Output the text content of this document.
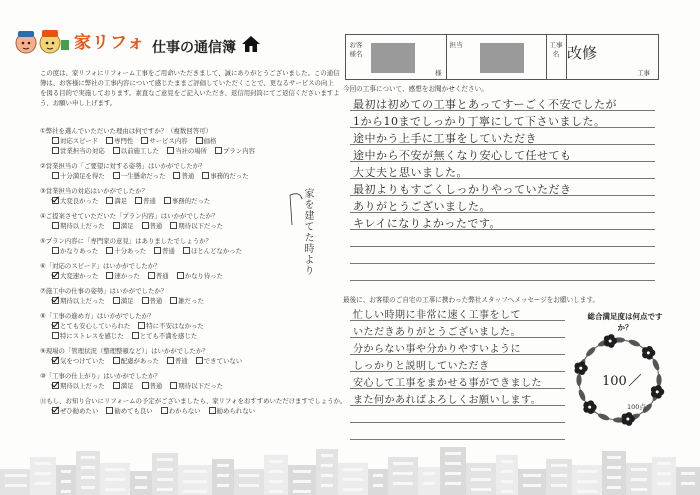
家リフォ 仕事の通信簿
この度は、家リフォにリフォーム工事をご用命いただきまして、誠にありがとうございました。この通信簿は、お客様に弊社の工事内容について感じたままご評価していただくことで、更なるサービスの向上を図る目的で実施しております。素直なご意見をご記入いただき、返信用封筒にてご返信くださいますよう、お願い申し上げます。
①弊社を選んでいただいた理由は何ですか？（複数回答可）
対応スピード	専門性	サービス内容	価格
営業担当の対応	以前施工した	当社の場所	プラン内容
②営業担当の「ご要望に対する姿勢」はいかがでしたか？
十分満足を得た	一生懸命だった	普通	事務的だった
③営業担当の対応はいかがでしたか？
大変良かった	満足	普通	事務的だった
④ご提案させていただいた「プラン内容」はいかがでしたか？
期待以上だった	満足	普通	期待以下だった
⑤プラン内容に「専門家の意見」はありましたでしょうか？
かなりあった	十分あった	普通	ほとんどなかった
⑥「対応のスピード」はいかがでしたか？
大変速かった	速かった	普通	かなり待った
⑦施工中の仕事の姿勢」はいかがでしたか？
期待以上だった	満足	普通	雑だった
⑧「工事の進め方」はいかがでしたか？
とても安心していられた	特に不安はなかった
特にストレスを感じた	とても不満を感じた
⑨現場の「管理状況（整理整頓など）」はいかがでしたか？
気をつけていた	配慮があった	普通	できていない
⑩「工事の仕上がり」はいかがでしたか？
期待以上だった	満足	普通	期待以下だった
⑪もし、お知り合いにリフォームの予定がございましたら、家リフォをおすすめいただけますでしょうか。
ぜひ勧めたい	勧めても良い	わからない	勧められない
家を建てた時より
お客様名
様
担当	工事名
工事
改修
今回の工事について、感想をお聞かせください。
最初は初めての工事とあってすーごく不安でしたが
1から10までしっかり丁寧にして下さいました。
途中かう上手に工事をしていただき
途中から不安が無くなり安心して任せても
大丈夫と思いました。
最初よりもすごくしっかりやっていただき
ありがとうございました。
キレイになりよかったです。
最後に、お客様のご自宅の工事に携わった弊社スタッフへメッセージをお願いします。
忙しい時期に非常に速く工事をして
いただきありがとうございました。
分からない事や分かりやすいように
しっかりと説明していただき
安心して工事をまかせる事ができました
また何かあればよろしくお願いします。
総合満足度は何点ですか？
100
100点
